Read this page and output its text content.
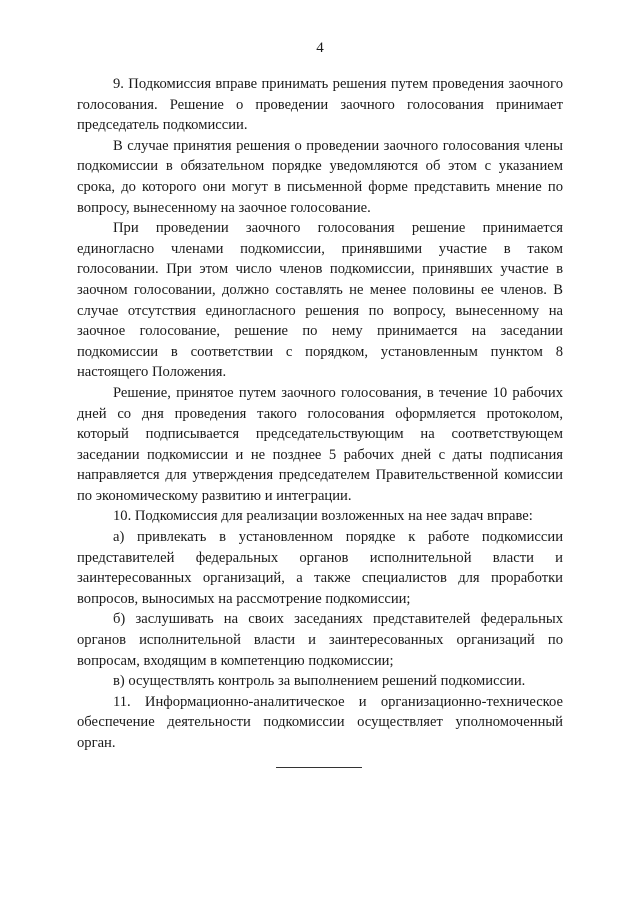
4

9. Подкомиссия вправе принимать решения путем проведения заочного голосования. Решение о проведении заочного голосования принимает председатель подкомиссии.

В случае принятия решения о проведении заочного голосования члены подкомиссии в обязательном порядке уведомляются об этом с указанием срока, до которого они могут в письменной форме представить мнение по вопросу, вынесенному на заочное голосование.

При проведении заочного голосования решение принимается единогласно членами подкомиссии, принявшими участие в таком голосовании. При этом число членов подкомиссии, принявших участие в заочном голосовании, должно составлять не менее половины ее членов. В случае отсутствия единогласного решения по вопросу, вынесенному на заочное голосование, решение по нему принимается на заседании подкомиссии в соответствии с порядком, установленным пунктом 8 настоящего Положения.

Решение, принятое путем заочного голосования, в течение 10 рабочих дней со дня проведения такого голосования оформляется протоколом, который подписывается председательствующим на соответствующем заседании подкомиссии и не позднее 5 рабочих дней с даты подписания направляется для утверждения председателем Правительственной комиссии по экономическому развитию и интеграции.

10. Подкомиссия для реализации возложенных на нее задач вправе:

а) привлекать в установленном порядке к работе подкомиссии представителей федеральных органов исполнительной власти и заинтересованных организаций, а также специалистов для проработки вопросов, выносимых на рассмотрение подкомиссии;

б) заслушивать на своих заседаниях представителей федеральных органов исполнительной власти и заинтересованных организаций по вопросам, входящим в компетенцию подкомиссии;

в) осуществлять контроль за выполнением решений подкомиссии.

11. Информационно-аналитическое и организационно-техническое обеспечение деятельности подкомиссии осуществляет уполномоченный орган.
